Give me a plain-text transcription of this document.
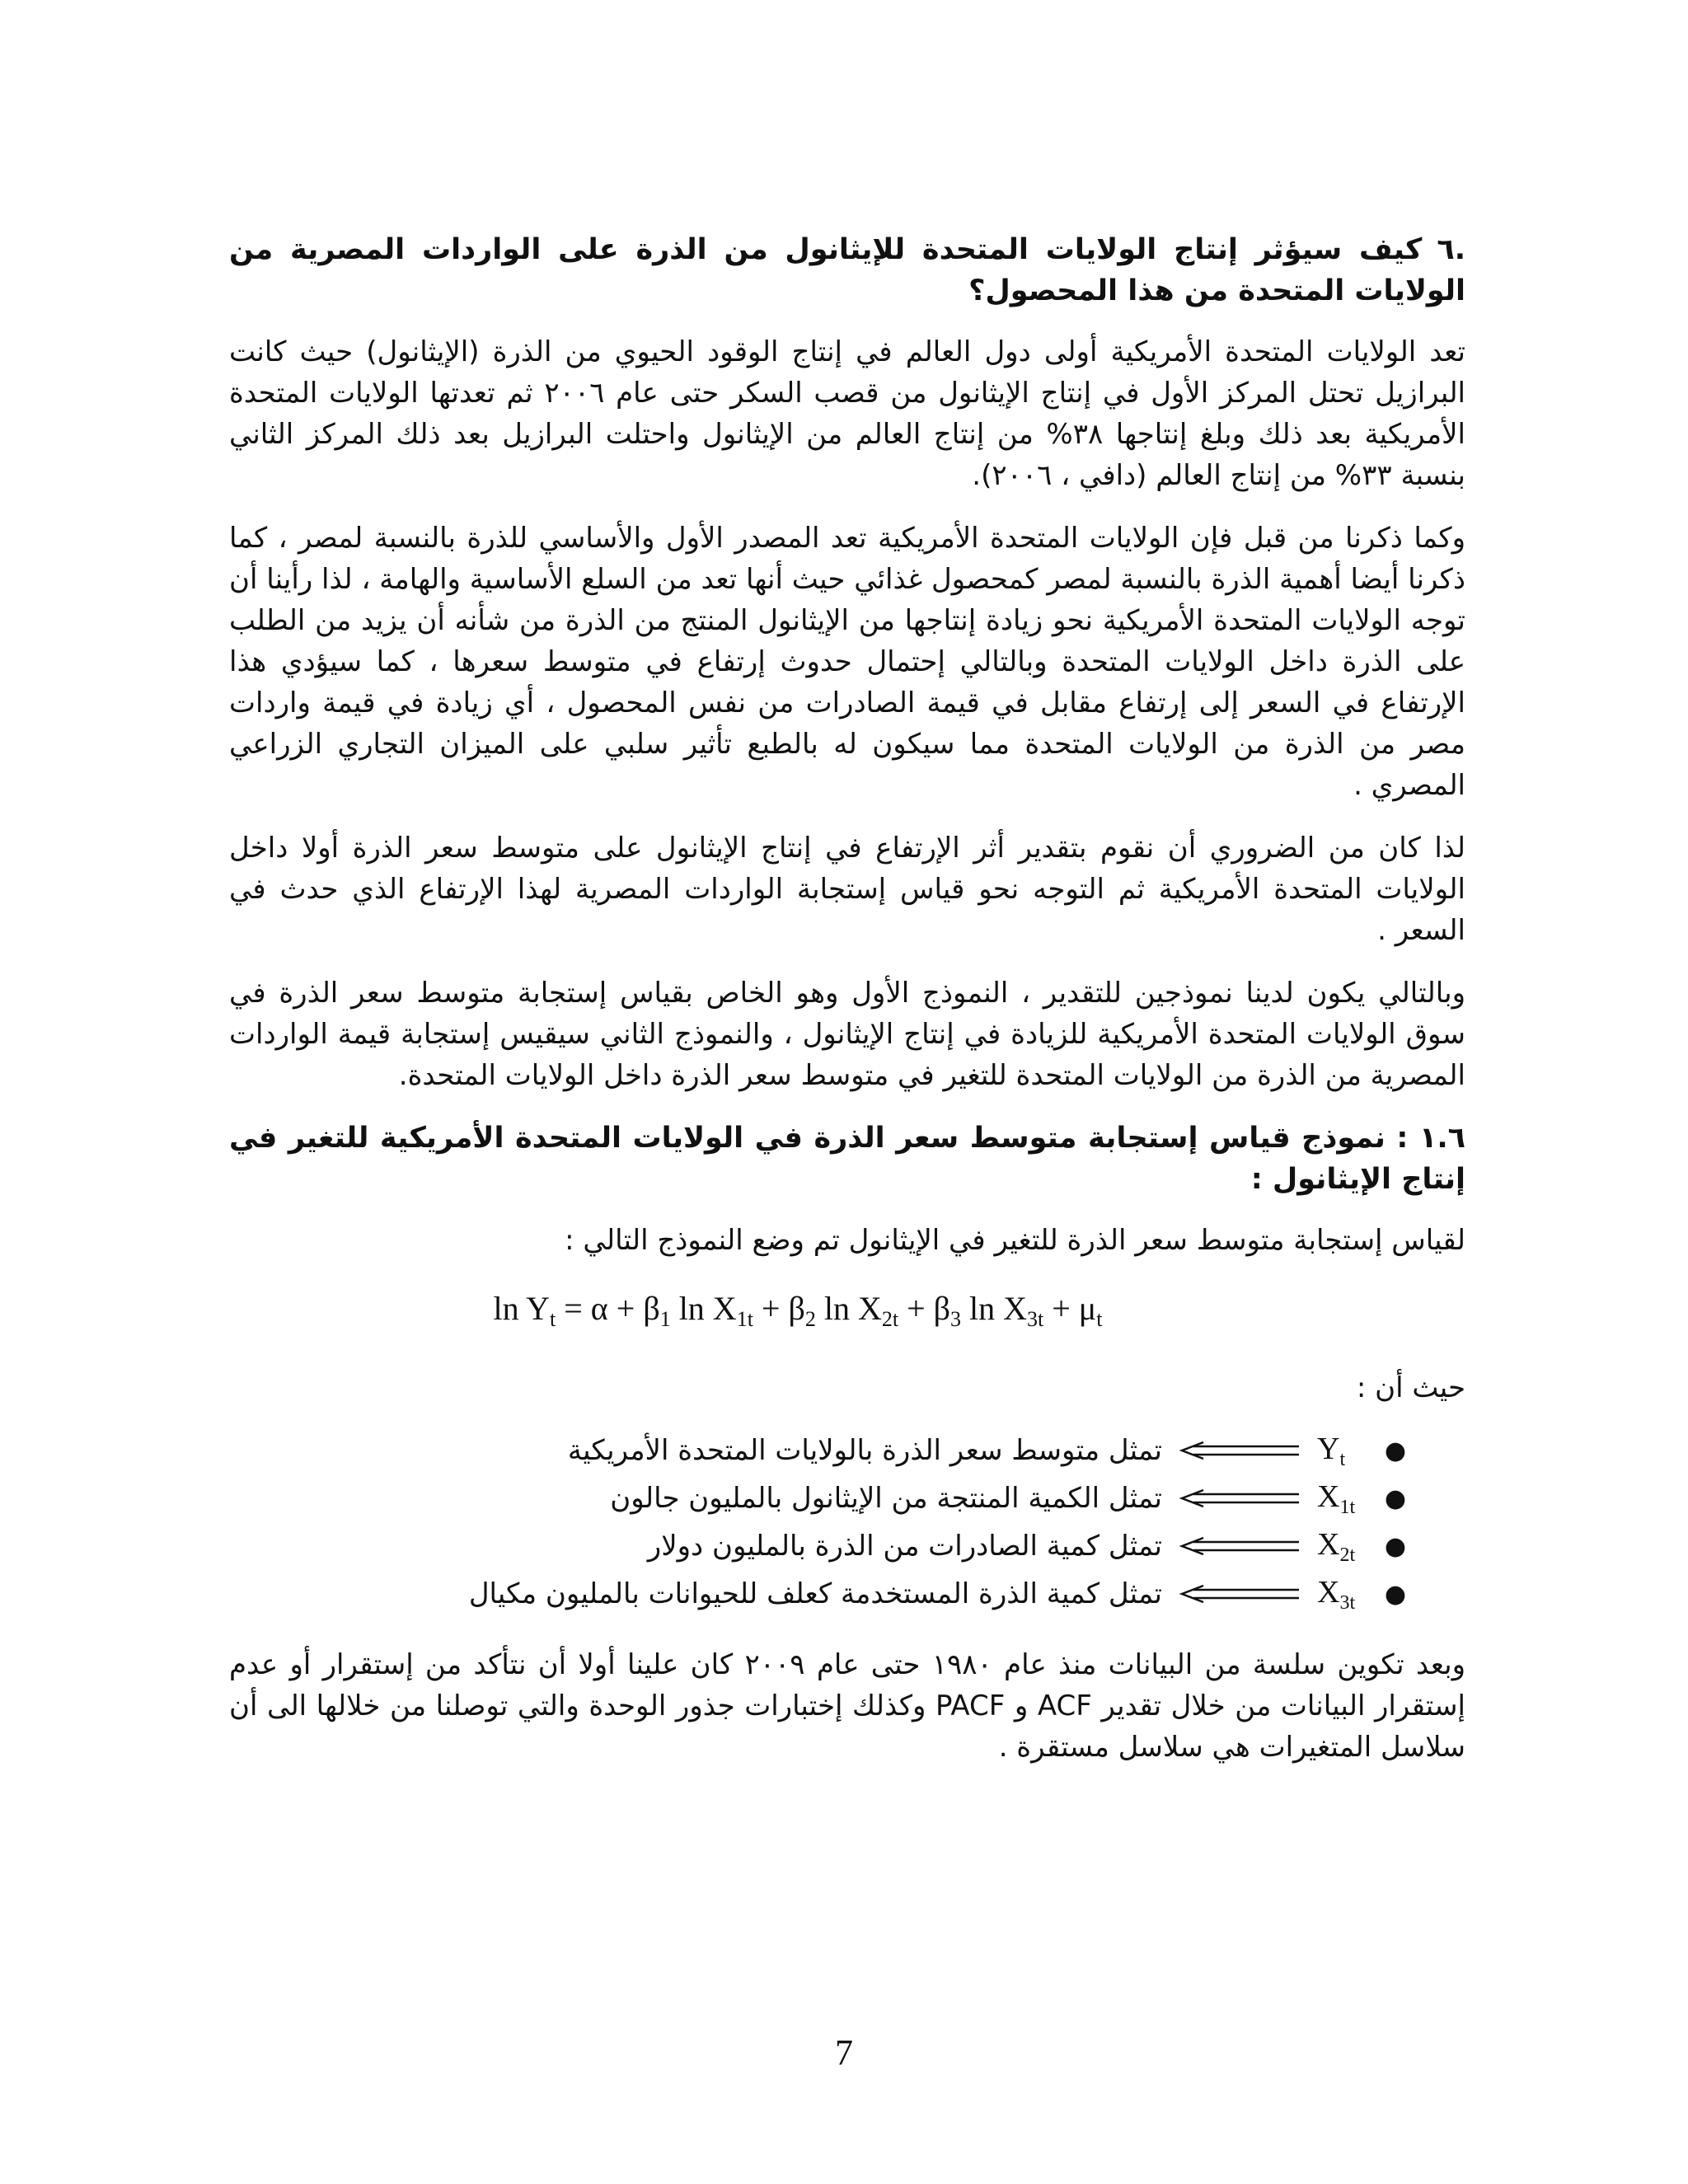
.٦كيف سيؤثر إنتاج الولايات المتحدة للإيثانول من الذرة على الواردات المصرية من الولايات المتحدة من هذا المحصول؟

تعد الولايات المتحدة الأمريكية أولى دول العالم في إنتاج الوقود الحيوي من الذرة (الإيثانول) حيث كانت البرازيل تحتل المركز الأول في إنتاج الإيثانول من قصب السكر حتى عام ٢٠٠٦ ثم تعدتها الولايات المتحدة الأمريكية بعد ذلك وبلغ إنتاجها ٣٨% من إنتاج العالم من الإيثانول واحتلت البرازيل بعد ذلك المركز الثاني بنسبة ٣٣% من إنتاج العالم (دافي ، ٢٠٠٦).

وكما ذكرنا من قبل فإن الولايات المتحدة الأمريكية تعد المصدر الأول والأساسي للذرة بالنسبة لمصر ، كما ذكرنا أيضا أهمية الذرة بالنسبة لمصر كمحصول غذائي حيث أنها تعد من السلع الأساسية والهامة ، لذا رأينا أن توجه الولايات المتحدة الأمريكية نحو زيادة إنتاجها من الإيثانول المنتج من الذرة من شأنه أن يزيد من الطلب على الذرة داخل الولايات المتحدة وبالتالي إحتمال حدوث إرتفاع في متوسط سعرها ، كما سيؤدي هذا الإرتفاع في السعر إلى إرتفاع مقابل في قيمة الصادرات من نفس المحصول ، أي زيادة في قيمة واردات مصر من الذرة من الولايات المتحدة مما سيكون له بالطبع تأثير سلبي على الميزان التجاري الزراعي المصري .

لذا كان من الضروري أن نقوم بتقدير أثر الإرتفاع في إنتاج الإيثانول على متوسط سعر الذرة أولا داخل الولايات المتحدة الأمريكية ثم التوجه نحو قياس إستجابة الواردات المصرية لهذا الإرتفاع الذي حدث في السعر .

وبالتالي يكون لدينا نموذجين للتقدير ، النموذج الأول وهو الخاص بقياس إستجابة متوسط سعر الذرة في سوق الولايات المتحدة الأمريكية للزيادة في إنتاج الإيثانول ، والنموذج الثاني سيقيس إستجابة قيمة الواردات المصرية من الذرة من الولايات المتحدة للتغير في متوسط سعر الذرة داخل الولايات المتحدة.

١.٦ : نموذج قياس إستجابة متوسط سعر الذرة في الولايات المتحدة الأمريكية للتغير في إنتاج الإيثانول :

لقياس إستجابة متوسط سعر الذرة للتغير في الإيثانول تم وضع النموذج التالي :

$\ln Y_t = \alpha + \beta_1$ $\ln X_{1t} + \beta_2$ $\ln X_{2t} + \beta_3$ $\ln X_{3t} + \mu_t$

حيث أن :

●
$Y_t$
تمثل متوسط سعر الذرة بالولايات المتحدة الأمريكية
●
$X_{1t}$
تمثل الكمية المنتجة من الإيثانول بالمليون جالون
●
$X_{2t}$
تمثل كمية الصادرات من الذرة بالمليون دولار
●
$X_{3t}$
تمثل كمية الذرة المستخدمة كعلف للحيوانات بالمليون مكيال

وبعد تكوين سلسة من البيانات منذ عام ١٩٨٠ حتى عام ٢٠٠٩ كان علينا أولا أن نتأكد من إستقرار أو عدم إستقرار البيانات من خلال تقدير ACF و PACF وكذلك إختبارات جذور الوحدة والتي توصلنا من خلالها الى أن سلاسل المتغيرات هي سلاسل مستقرة .

7
